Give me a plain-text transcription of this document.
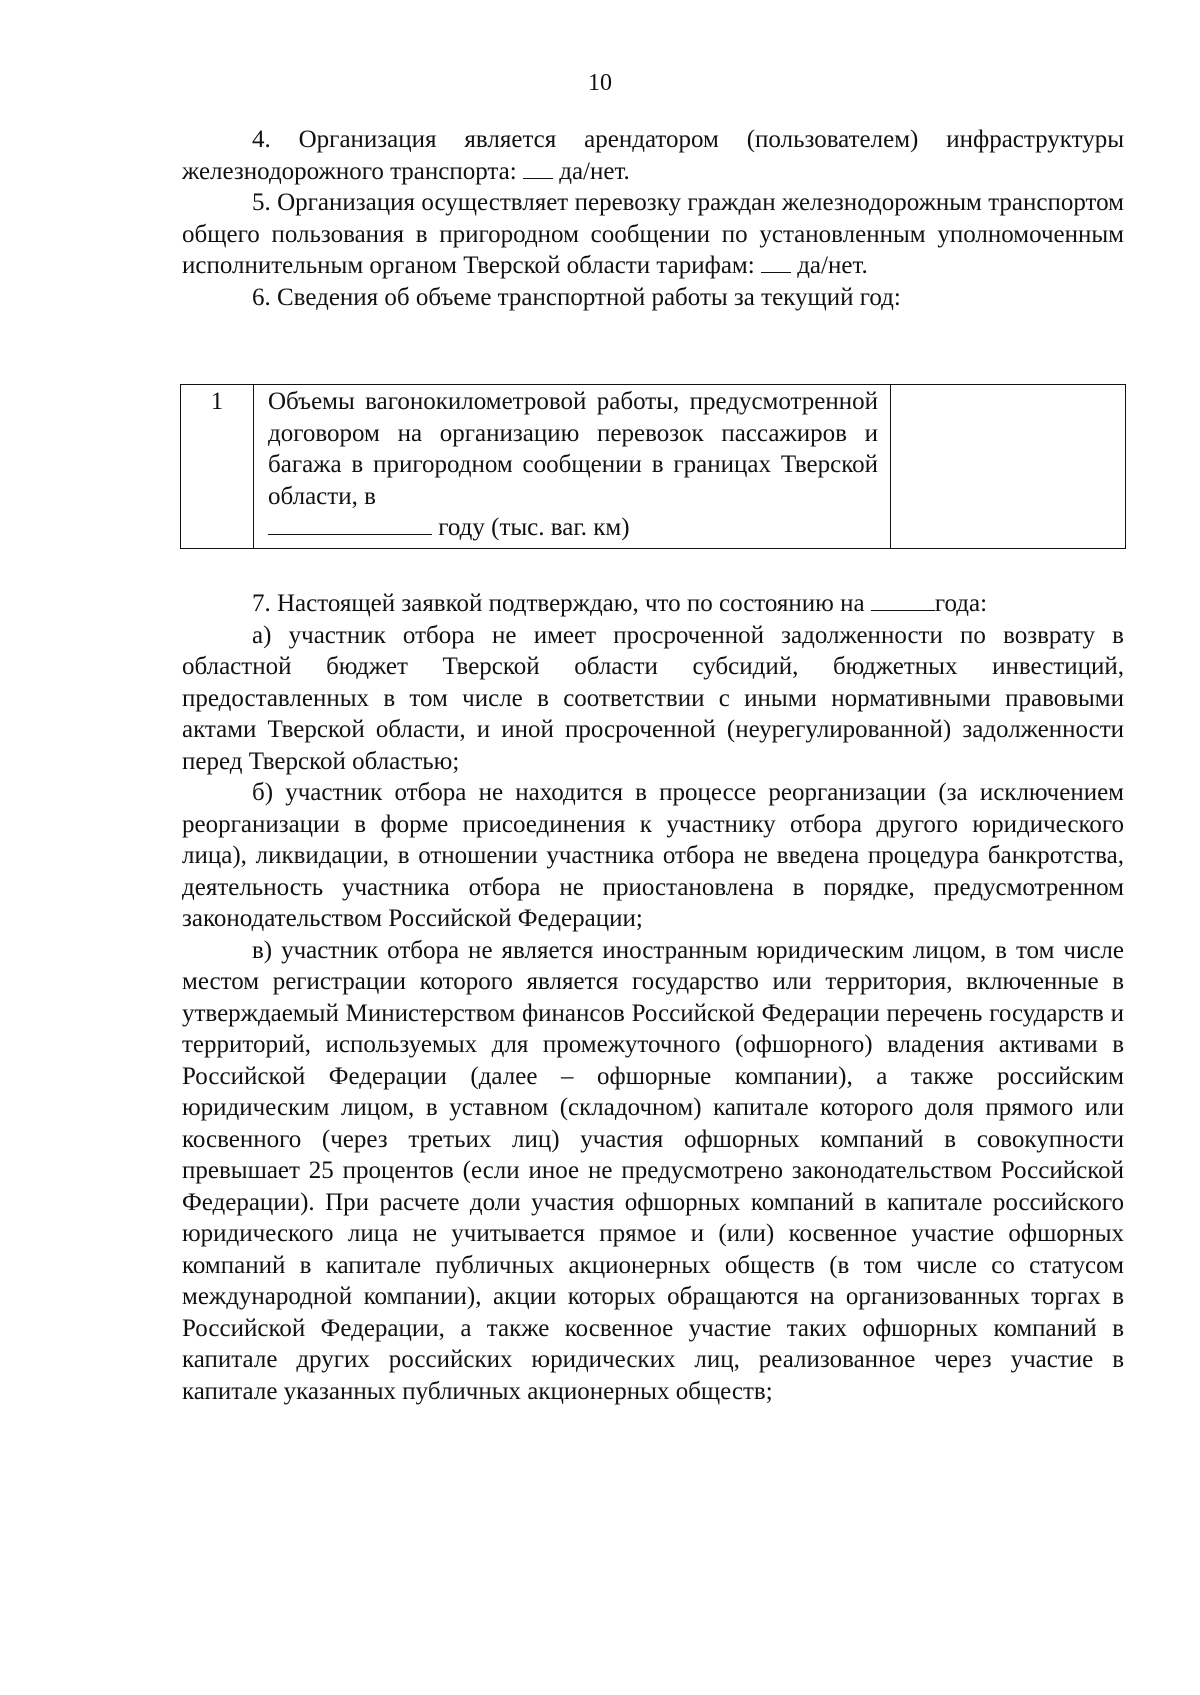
10

4. Организация является арендатором (пользователем) инфраструктуры железнодорожного транспорта: да/нет.

5. Организация осуществляет перевозку граждан железнодорожным транспортом общего пользования в пригородном сообщении по установленным уполномоченным исполнительным органом Тверской области тарифам: да/нет.

6. Сведения об объеме транспортной работы за текущий год:

1	Объемы вагонокилометровой работы, предусмотренной договором на организацию перевозок пассажиров и багажа в пригородном сообщении в границах Тверской области, в
году (тыс. ваг. км)

7. Настоящей заявкой подтверждаю, что по состоянию на	года:

а) участник отбора не имеет просроченной задолженности по возврату в областной бюджет Тверской области субсидий, бюджетных инвестиций, предоставленных в том числе в соответствии с иными нормативными правовыми актами Тверской области, и иной просроченной (неурегулированной) задолженности перед Тверской областью;

б) участник отбора не находится в процессе реорганизации (за исключением реорганизации в форме присоединения к участнику отбора другого юридического лица), ликвидации, в отношении участника отбора не введена процедура банкротства, деятельность участника отбора не приостановлена в порядке, предусмотренном законодательством Российской Федерации;

в) участник отбора не является иностранным юридическим лицом, в том числе местом регистрации которого является государство или территория, включенные в утверждаемый Министерством финансов Российской Федерации перечень государств и территорий, используемых для промежуточного (офшорного) владения активами в Российской Федерации (далее – офшорные компании), а также российским юридическим лицом, в уставном (складочном) капитале которого доля прямого или косвенного (через третьих лиц) участия офшорных компаний в совокупности превышает 25 процентов (если иное не предусмотрено законодательством Российской Федерации). При расчете доли участия офшорных компаний в капитале российского юридического лица не учитывается прямое и (или) косвенное участие офшорных компаний в капитале публичных акционерных обществ (в том числе со статусом международной компании), акции которых обращаются на организованных торгах в Российской Федерации, а также косвенное участие таких офшорных компаний в капитале других российских юридических лиц, реализованное через участие в капитале указанных публичных акционерных обществ;
